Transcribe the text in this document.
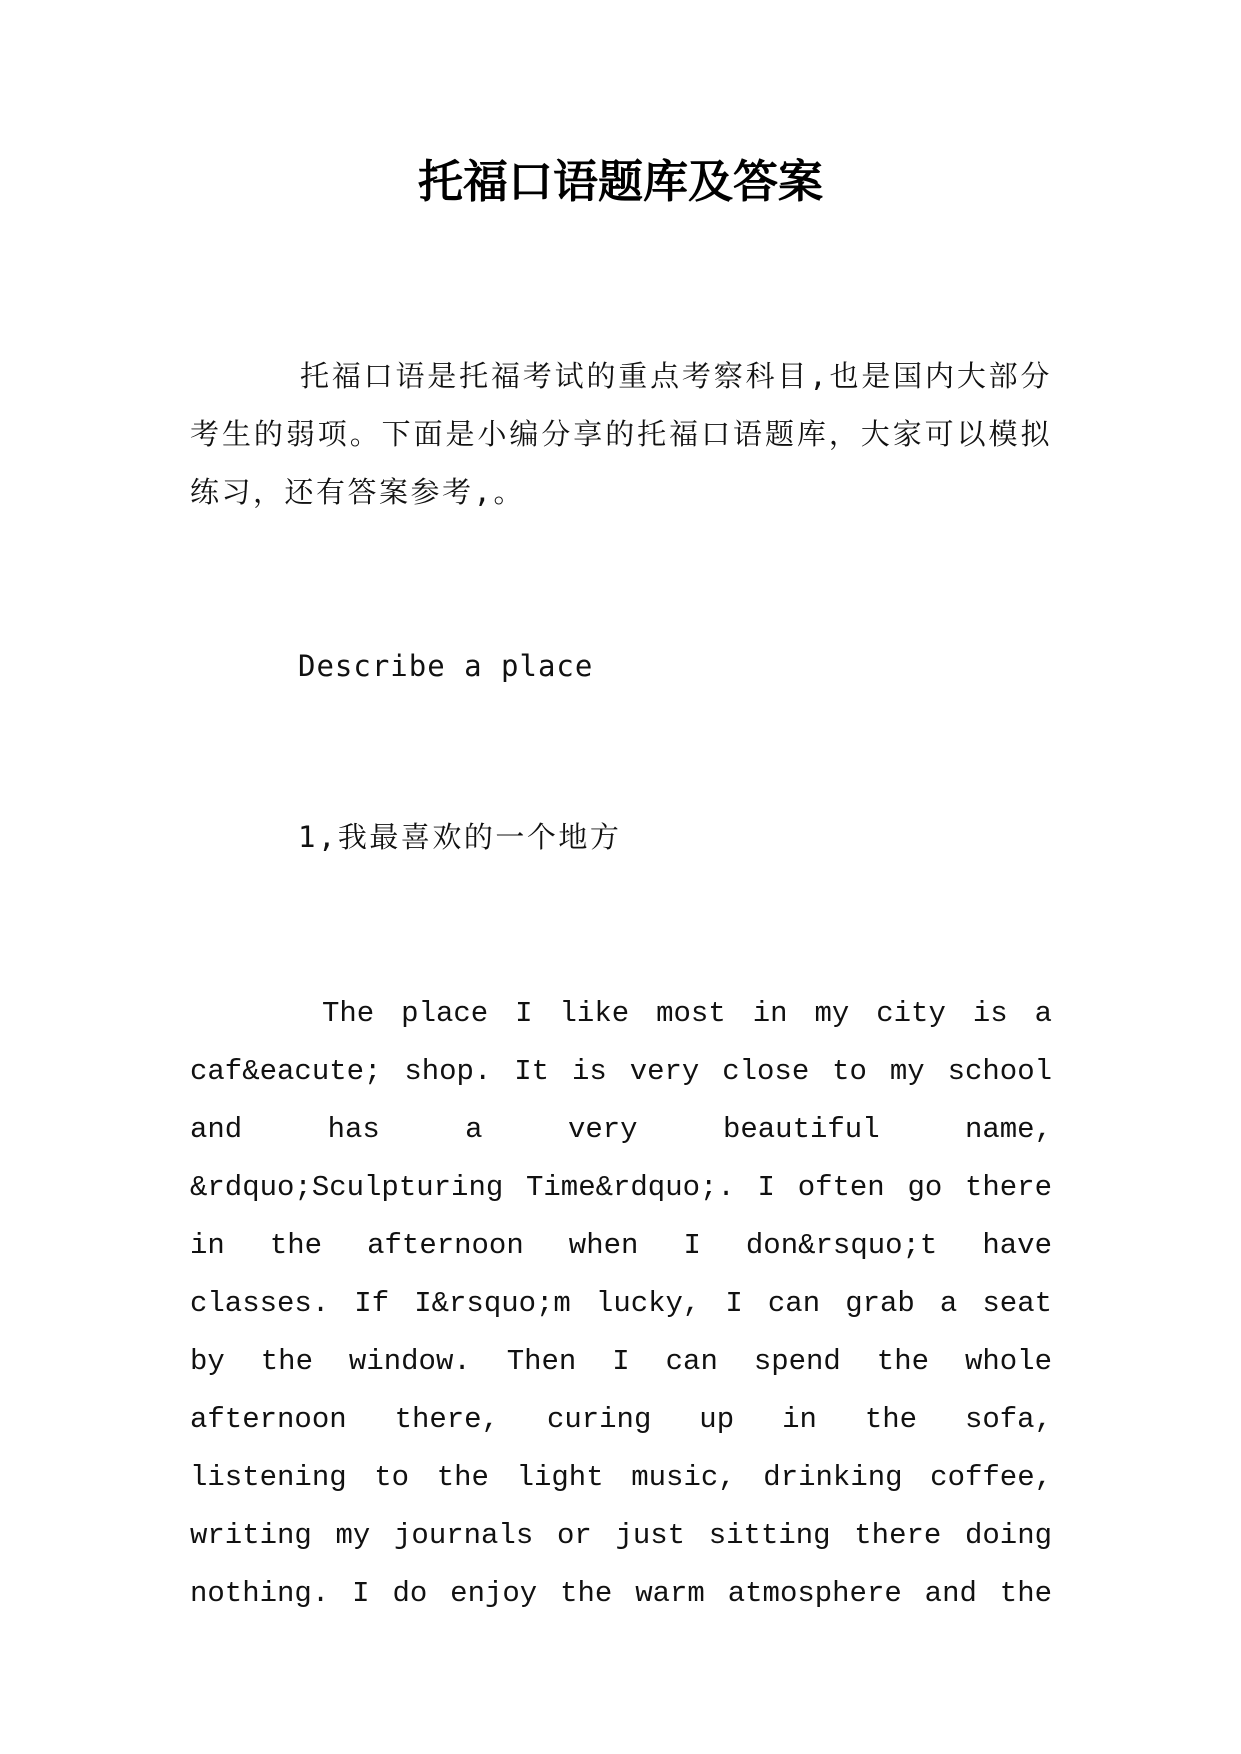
托福口语题库及答案

托福口语是托福考试的重点考察科目,也是国内大部分考生的弱项。下面是小编分享的托福口语题库，大家可以模拟练习，还有答案参考,。

Describe a place

1,我最喜欢的一个地方

The place I like most in my city is a caf&eacute; shop. It is very close to my school and has a very beautiful name, &rdquo;Sculpturing Time&rdquo;. I often go there in the afternoon when I don&rsquo;t have classes. If I&rsquo;m lucky, I can grab a seat by the window. Then I can spend the whole afternoon there, curing up in the sofa, listening to the light music, drinking coffee, writing my journals or just sitting there doing nothing. I do enjoy the warm atmosphere and the
